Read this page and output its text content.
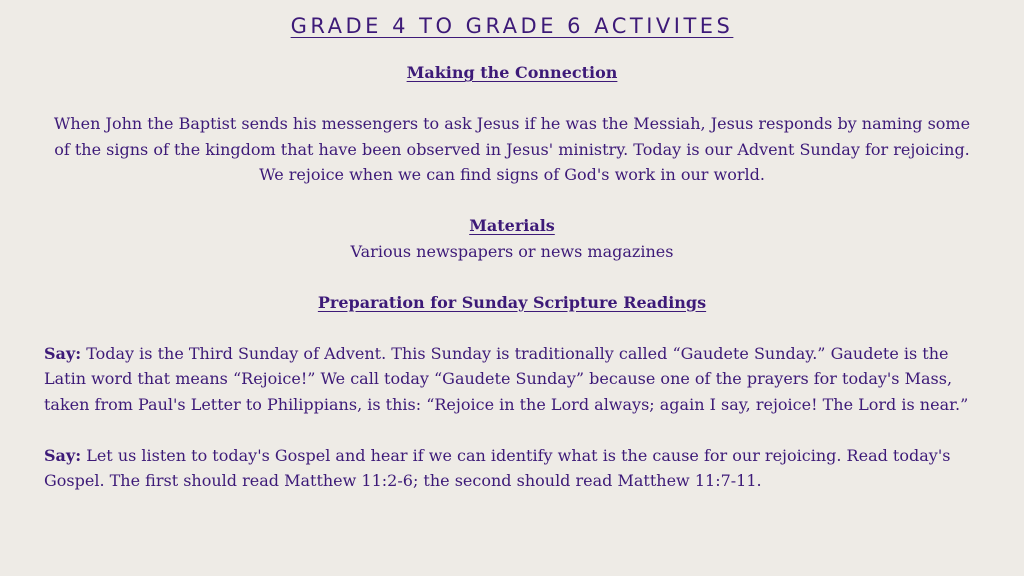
GRADE 4 TO GRADE 6 ACTIVITES

Making the Connection

When John the Baptist sends his messengers to ask Jesus if he was the Messiah, Jesus responds by naming some of the signs of the kingdom that have been observed in Jesus' ministry. Today is our Advent Sunday for rejoicing. We rejoice when we can find signs of God's work in our world.

Materials

Various newspapers or news magazines

Preparation for Sunday Scripture Readings

Say: Today is the Third Sunday of Advent. This Sunday is traditionally called “Gaudete Sunday.” Gaudete is the Latin word that means “Rejoice!” We call today “Gaudete Sunday” because one of the prayers for today's Mass, taken from Paul's Letter to Philippians, is this: “Rejoice in the Lord always; again I say, rejoice! The Lord is near.”

Say: Let us listen to today's Gospel and hear if we can identify what is the cause for our rejoicing. Read today's Gospel. The first should read Matthew 11:2-6; the second should read Matthew 11:7-11.
